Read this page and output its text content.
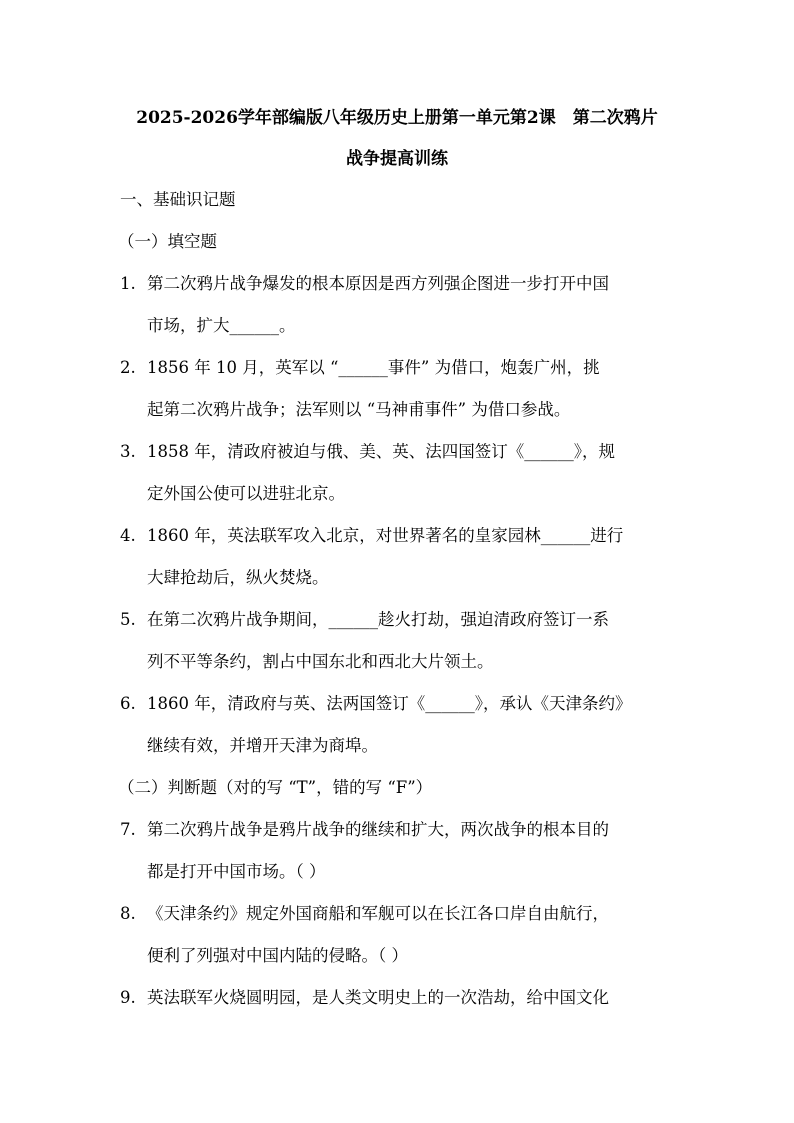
2025-2026学年部编版八年级历史上册第一单元第2课　第二次鸦片
战争提高训练
一、基础识记题
（一）填空题
1. 第二次鸦片战争爆发的根本原因是西方列强企图进一步打开中国
市场，扩大______。
2. 1856 年 10 月，英军以 “______事件” 为借口，炮轰广州，挑
起第二次鸦片战争；法军则以 “马神甫事件” 为借口参战。
3. 1858 年，清政府被迫与俄、美、英、法四国签订《______》，规
定外国公使可以进驻北京。
4. 1860 年，英法联军攻入北京，对世界著名的皇家园林______进行
大肆抢劫后，纵火焚烧。
5. 在第二次鸦片战争期间，______趁火打劫，强迫清政府签订一系
列不平等条约，割占中国东北和西北大片领土。
6. 1860 年，清政府与英、法两国签订《______》，承认《天津条约》
继续有效，并增开天津为商埠。
（二）判断题（对的写 “T”，错的写 “F”）
7. 第二次鸦片战争是鸦片战争的继续和扩大，两次战争的根本目的
都是打开中国市场。（ ）
8. 《天津条约》规定外国商船和军舰可以在长江各口岸自由航行，
便利了列强对中国内陆的侵略。（ ）
9. 英法联军火烧圆明园，是人类文明史上的一次浩劫，给中国文化
